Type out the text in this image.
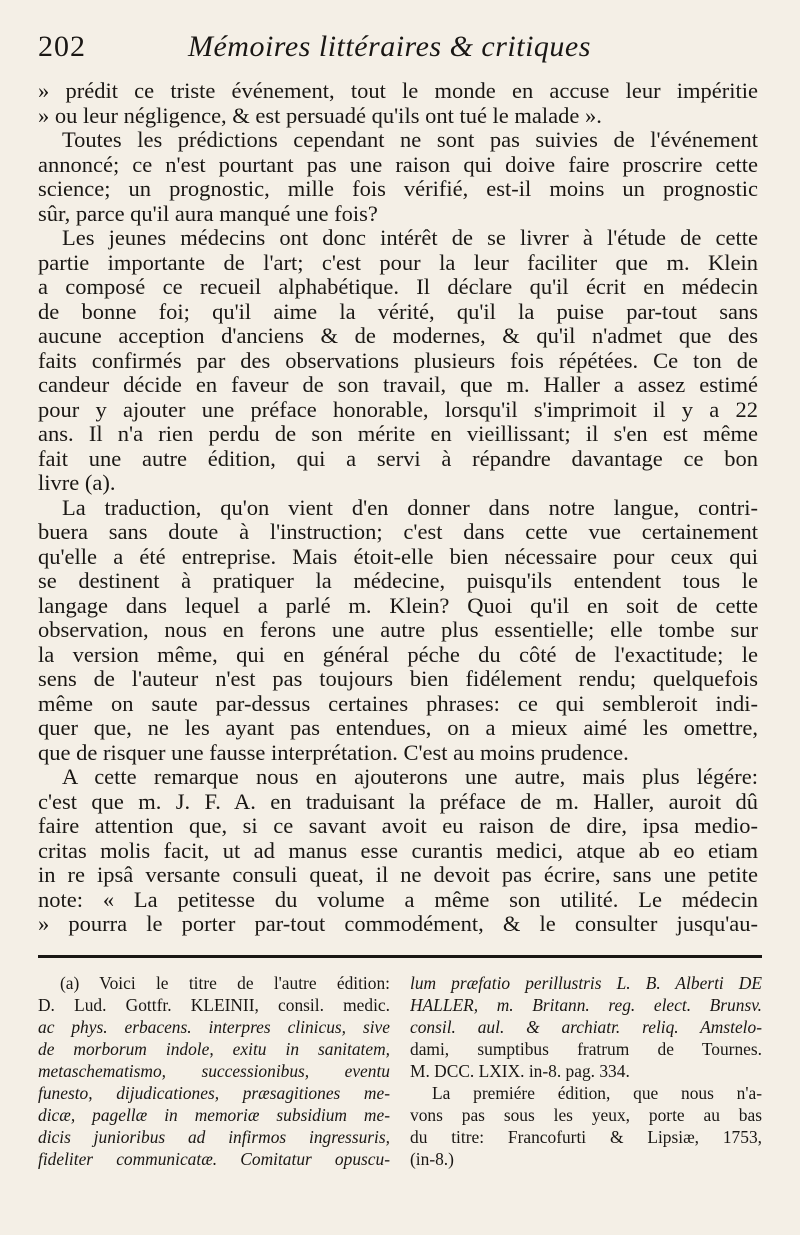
202	Mémoires littéraires & critiques
» prédit ce triste événement, tout le monde en accuse leur impéritie
» ou leur négligence, & est persuadé qu'ils ont tué le malade ».
Toutes les prédictions cependant ne sont pas suivies de l'événement
annoncé; ce n'est pourtant pas une raison qui doive faire proscrire cette
science; un prognostic, mille fois vérifié, est-il moins un prognostic
sûr, parce qu'il aura manqué une fois?
Les jeunes médecins ont donc intérêt de se livrer à l'étude de cette
partie importante de l'art; c'est pour la leur faciliter que m. Klein
a composé ce recueil alphabétique. Il déclare qu'il écrit en médecin
de bonne foi; qu'il aime la vérité, qu'il la puise par-tout sans
aucune acception d'anciens & de modernes, & qu'il n'admet que des
faits confirmés par des observations plusieurs fois répétées. Ce ton de
candeur décide en faveur de son travail, que m. Haller a assez estimé
pour y ajouter une préface honorable, lorsqu'il s'imprimoit il y a 22
ans. Il n'a rien perdu de son mérite en vieillissant; il s'en est même
fait une autre édition, qui a servi à répandre davantage ce bon
livre (a).
La traduction, qu'on vient d'en donner dans notre langue, contri-
buera sans doute à l'instruction; c'est dans cette vue certainement
qu'elle a été entreprise. Mais étoit-elle bien nécessaire pour ceux qui
se destinent à pratiquer la médecine, puisqu'ils entendent tous le
langage dans lequel a parlé m. Klein? Quoi qu'il en soit de cette
observation, nous en ferons une autre plus essentielle; elle tombe sur
la version même, qui en général péche du côté de l'exactitude; le
sens de l'auteur n'est pas toujours bien fidélement rendu; quelquefois
même on saute par-dessus certaines phrases: ce qui sembleroit indi-
quer que, ne les ayant pas entendues, on a mieux aimé les omettre,
que de risquer une fausse interprétation. C'est au moins prudence.
A cette remarque nous en ajouterons une autre, mais plus légére:
c'est que m. J. F. A. en traduisant la préface de m. Haller, auroit dû
faire attention que, si ce savant avoit eu raison de dire, ipsa medio-
critas molis facit, ut ad manus esse curantis medici, atque ab eo etiam
in re ipsâ versante consuli queat, il ne devoit pas écrire, sans une petite
note: « La petitesse du volume a même son utilité. Le médecin
» pourra le porter par-tout commodément, & le consulter jusqu'au-
(a) Voici le titre de l'autre édition:
D. Lud. Gottfr. KLEINII, consil. medic.
ac phys. erbacens. interpres clinicus, sive
de morborum indole, exitu in sanitatem,
metaschematismo, successionibus, eventu
funesto, dijudicationes, præsagitiones me-
dicæ, pagellæ in memoriæ subsidium me-
dicis junioribus ad infirmos ingressuris,
fideliter communicatæ. Comitatur opuscu-
lum præfatio perillustris L. B. Alberti DE
HALLER, m. Britann. reg. elect. Brunsv.
consil. aul. & archiatr. reliq. Amstelo-
dami, sumptibus fratrum de Tournes.
M. DCC. LXIX. in-8. pag. 334.
La premiére édition, que nous n'a-
vons pas sous les yeux, porte au bas
du titre: Francofurti & Lipsiæ, 1753,
(in-8.)
